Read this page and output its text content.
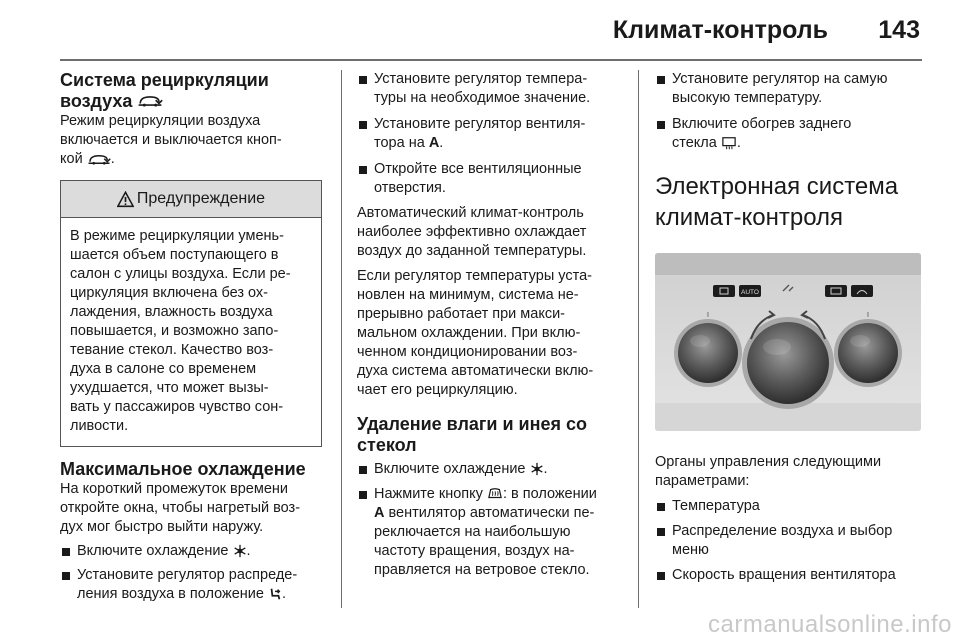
Климат-контроль 143
Система рециркуляции
воздуха

Режим рециркуляции воздуха
включается и выключается кноп-
кой .

Предупреждение

В режиме рециркуляции умень-
шается объем поступающего в
салон с улицы воздуха. Если ре-
циркуляция включена без ох-
лаждения, влажность воздуха
повышается, и возможно запо-
тевание стекол. Качество воз-
духа в салоне со временем
ухудшается, что может вызы-
вать у пассажиров чувство сон-
ливости.

Максимальное охлаждение

На короткий промежуток времени
откройте окна, чтобы нагретый воз-
дух мог быстро выйти наружу.

Включите охлаждение .
Установите регулятор распреде-
ления воздуха в положение .
Установите регулятор темпера-
туры на необходимое значение.
Установите регулятор вентиля-
тора на A.
Откройте все вентиляционные
отверстия.

Автоматический климат-контроль
наиболее эффективно охлаждает
воздух до заданной температуры.

Если регулятор температуры уста-
новлен на минимум, система не-
прерывно работает при макси-
мальном охлаждении. При вклю-
ченном кондиционировании воз-
духа система автоматически вклю-
чает его рециркуляцию.

Удаление влаги и инея со
стекол
Включите охлаждение .
Нажмите кнопку : в положении
A вентилятор автоматически пе-
реключается на наибольшую
частоту вращения, воздух на-
правляется на ветровое стекло.
Установите регулятор на самую
высокую температуру.
Включите обогрев заднего
стекла .
Электронная система
климат-контроля
AUTO
I	I

Органы управления следующими
параметрами:

Температура
Распределение воздуха и выбор
меню
Скорость вращения вентилятора
carmanualsonline.info
